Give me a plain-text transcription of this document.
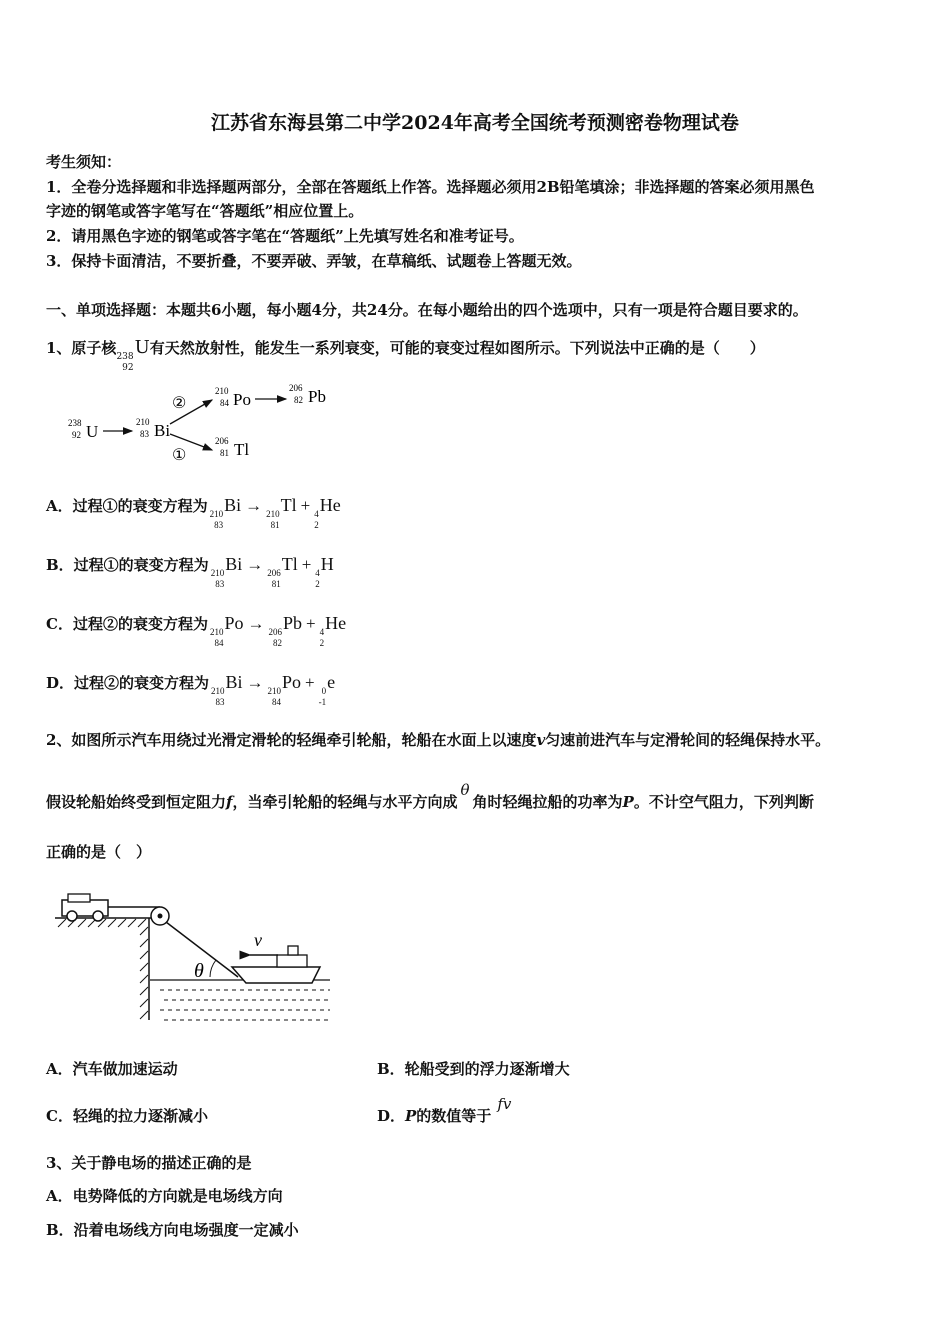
江苏省东海县第二中学2024年高考全国统考预测密卷物理试卷
考生须知：
1．全卷分选择题和非选择题两部分，全部在答题纸上作答。选择题必须用2B铅笔填涂；非选择题的答案必须用黑色
字迹的钢笔或答字笔写在“答题纸”相应位置上。
2．请用黑色字迹的钢笔或答字笔在“答题纸”上先填写姓名和准考证号。
3．保持卡面清洁，不要折叠，不要弄破、弄皱，在草稿纸、试题卷上答题无效。
一、单项选择题：本题共6小题，每小题4分，共24分。在每小题给出的四个选项中，只有一项是符合题目要求的。
1、原子核 238
92
U有天然放射性，能发生一系列衰变，可能的衰变过程如图所示。下列说法中正确的是（　　）
238
92 U	210
83 Bi
②
①
210
84 Po
206
82 Pb
206
81 Tl
A．过程①的衰变方程为 210
83
Bi → 210
81
Tl + 4
2
He
B．过程①的衰变方程为 210
83
Bi → 206
81
Tl + 4
2
H
C．过程②的衰变方程为 210
84
Po → 206
82
Pb + 4
2
He
D．过程②的衰变方程为 210
83
Bi → 210
84
Po + 0
-1
e
2、如图所示汽车用绕过光滑定滑轮的轻绳牵引轮船，轮船在水面上以速度v匀速前进汽车与定滑轮间的轻绳保持水平。
假设轮船始终受到恒定阻力f，当牵引轮船的轻绳与水平方向成θ角时轻绳拉船的功率为P。不计空气阻力，下列判断
正确的是（　）
θ
v
A．汽车做加速运动	B．轮船受到的浮力逐渐增大
C．轻绳的拉力逐渐减小	D．P的数值等于fv
3、关于静电场的描述正确的是
A．电势降低的方向就是电场线方向
B．沿着电场线方向电场强度一定减小
